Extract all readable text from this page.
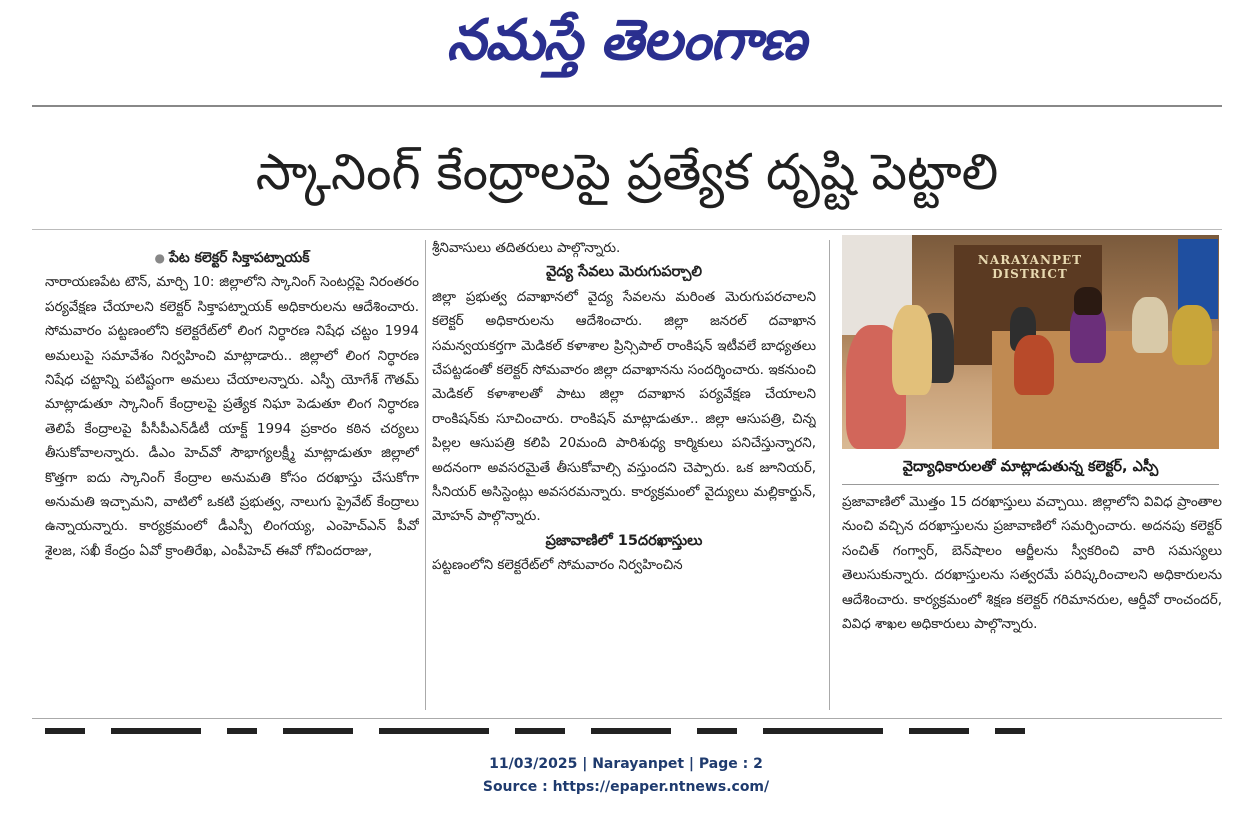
నమస్తే తెలంగాణ
స్కానింగ్ కేంద్రాలపై ప్రత్యేక దృష్టి పెట్టాలి
● పేట కలెక్టర్ సిక్తాపట్నాయక్
నారాయణపేట టౌన్, మార్చి 10: జిల్లాలోని స్కానింగ్ సెంటర్లపై నిరంతరం పర్యవేక్షణ చేయాలని కలెక్టర్ సిక్తాపట్నాయక్ అధికారులను ఆదేశించారు. సోమవారం పట్టణంలోని కలెక్టరేట్‌లో లింగ నిర్ధారణ నిషేధ చట్టం 1994 అమలుపై సమావేశం నిర్వహించి మాట్లాడారు.. జిల్లాలో లింగ నిర్ధారణ నిషేధ చట్టాన్ని పటిష్టంగా అమలు చేయాలన్నారు. ఎస్పీ యోగేశ్ గౌతమ్ మాట్లాడుతూ స్కానింగ్ కేంద్రాలపై ప్రత్యేక నిఘా పెడుతూ లింగ నిర్ధారణ తెలిపే కేంద్రాలపై పీసీపీఎన్‌డీటీ యాక్ట్ 1994 ప్రకారం కఠిన చర్యలు తీసుకోవాలన్నారు. డీఎం హెచ్‌వో సౌభాగ్యలక్ష్మీ మాట్లాడుతూ జిల్లాలో కొత్తగా ఐదు స్కానింగ్ కేంద్రాల అనుమతి కోసం దరఖాస్తు చేసుకోగా అనుమతి ఇచ్చామని, వాటిలో ఒకటి ప్రభుత్వ, నాలుగు ప్రైవేట్ కేంద్రాలు ఉన్నాయన్నారు. కార్యక్రమంలో డీఎస్పీ లింగయ్య, ఎంహెచ్‌ఎన్ పీవో శైలజ, సఖీ కేంద్రం ఏవో క్రాంతిరేఖ, ఎంపీహెచ్ ఈవో గోవిందరాజు,
శ్రీనివాసులు తదితరులు పాల్గొన్నారు.
వైద్య సేవలు మెరుగుపర్చాలి
జిల్లా ప్రభుత్వ దవాఖానలో వైద్య సేవలను మరింత మెరుగుపరచాలని కలెక్టర్ అధికారులను ఆదేశించారు. జిల్లా జనరల్ దవాఖాన సమన్వయకర్తగా మెడికల్ కళాశాల ప్రిన్సిపాల్ రాంకిషన్ ఇటీవలే బాధ్యతలు చేపట్టడంతో కలెక్టర్ సోమవారం జిల్లా దవాఖానను సందర్శించారు. ఇకనుంచి మెడికల్ కళాశాలతో పాటు జిల్లా దవాఖాన పర్యవేక్షణ చేయాలని రాంకిషన్‌కు సూచించారు. రాంకిషన్ మాట్లాడుతూ.. జిల్లా ఆసుపత్రి, చిన్న పిల్లల ఆసుపత్రి కలిపి 20మంది పారిశుధ్య కార్మికులు పనిచేస్తున్నారని, అదనంగా అవసరమైతే తీసుకోవాల్సి వస్తుందని చెప్పారు. ఒక జూనియర్, సీనియర్ అసిస్టెంట్లు అవసరమన్నారు. కార్యక్రమంలో వైద్యులు మల్లికార్జున్, మోహన్ పాల్గొన్నారు.
ప్రజావాణిలో 15దరఖాస్తులు
పట్టణంలోని కలెక్టరేట్‌లో సోమవారం నిర్వహించిన
NARAYANPET DISTRICT
వైద్యాధికారులతో మాట్లాడుతున్న కలెక్టర్, ఎస్పీ
ప్రజావాణిలో మొత్తం 15 దరఖాస్తులు వచ్చాయి. జిల్లాలోని వివిధ ప్రాంతాల నుంచి వచ్చిన దరఖాస్తులను ప్రజావాణిలో సమర్పించారు. అదనపు కలెక్టర్ సంచిత్ గంగ్వార్, బెన్‌షాలం ఆర్జీలను స్వీకరించి వారి సమస్యలు తెలుసుకున్నారు. దరఖాస్తులను సత్వరమే పరిష్కరించాలని అధికారులను ఆదేశించారు. కార్యక్రమంలో శిక్షణ కలెక్టర్ గరిమానరుల, ఆర్డీవో రాంచందర్, వివిధ శాఖల అధికారులు పాల్గొన్నారు.
11/03/2025 | Narayanpet | Page : 2
Source : https://epaper.ntnews.com/
